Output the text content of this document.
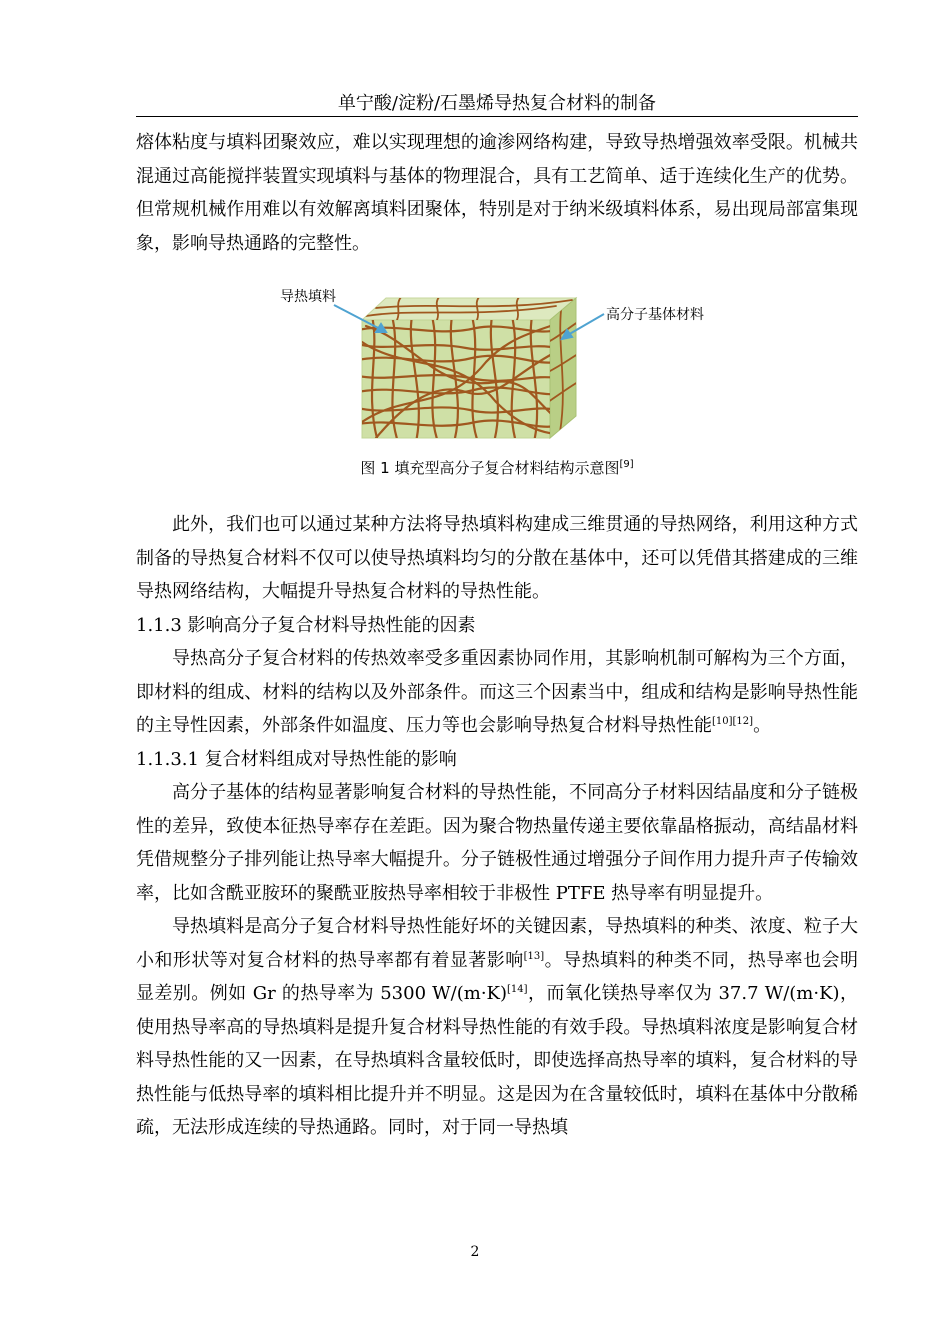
单宁酸/淀粉/石墨烯导热复合材料的制备

熔体粘度与填料团聚效应，难以实现理想的逾渗网络构建，导致导热增强效率受限。机械共混通过高能搅拌装置实现填料与基体的物理混合，具有工艺简单、适于连续化生产的优势。但常规机械作用难以有效解离填料团聚体，特别是对于纳米级填料体系，易出现局部富集现象，影响导热通路的完整性。

导热填料
高分子基体材料
图 1 填充型高分子复合材料结构示意图[9]

此外，我们也可以通过某种方法将导热填料构建成三维贯通的导热网络，利用这种方式制备的导热复合材料不仅可以使导热填料均匀的分散在基体中，还可以凭借其搭建成的三维导热网络结构，大幅提升导热复合材料的导热性能。

1.1.3 影响高分子复合材料导热性能的因素

导热高分子复合材料的传热效率受多重因素协同作用，其影响机制可解构为三个方面，即材料的组成、材料的结构以及外部条件。而这三个因素当中，组成和结构是影响导热性能的主导性因素，外部条件如温度、压力等也会影响导热复合材料导热性能[10][12]。

1.1.3.1 复合材料组成对导热性能的影响

高分子基体的结构显著影响复合材料的导热性能，不同高分子材料因结晶度和分子链极性的差异，致使本征热导率存在差距。因为聚合物热量传递主要依靠晶格振动，高结晶材料凭借规整分子排列能让热导率大幅提升。分子链极性通过增强分子间作用力提升声子传输效率，比如含酰亚胺环的聚酰亚胺热导率相较于非极性 PTFE 热导率有明显提升。

导热填料是高分子复合材料导热性能好坏的关键因素，导热填料的种类、浓度、粒子大小和形状等对复合材料的热导率都有着显著影响[13]。导热填料的种类不同，热导率也会明显差别。例如 Gr 的热导率为 5300 W/(m·K)[14]，而氧化镁热导率仅为 37.7 W/(m·K)，使用热导率高的导热填料是提升复合材料导热性能的有效手段。导热填料浓度是影响复合材料导热性能的又一因素，在导热填料含量较低时，即使选择高热导率的填料，复合材料的导热性能与低热导率的填料相比提升并不明显。这是因为在含量较低时，填料在基体中分散稀疏，无法形成连续的导热通路。同时，对于同一导热填

2
